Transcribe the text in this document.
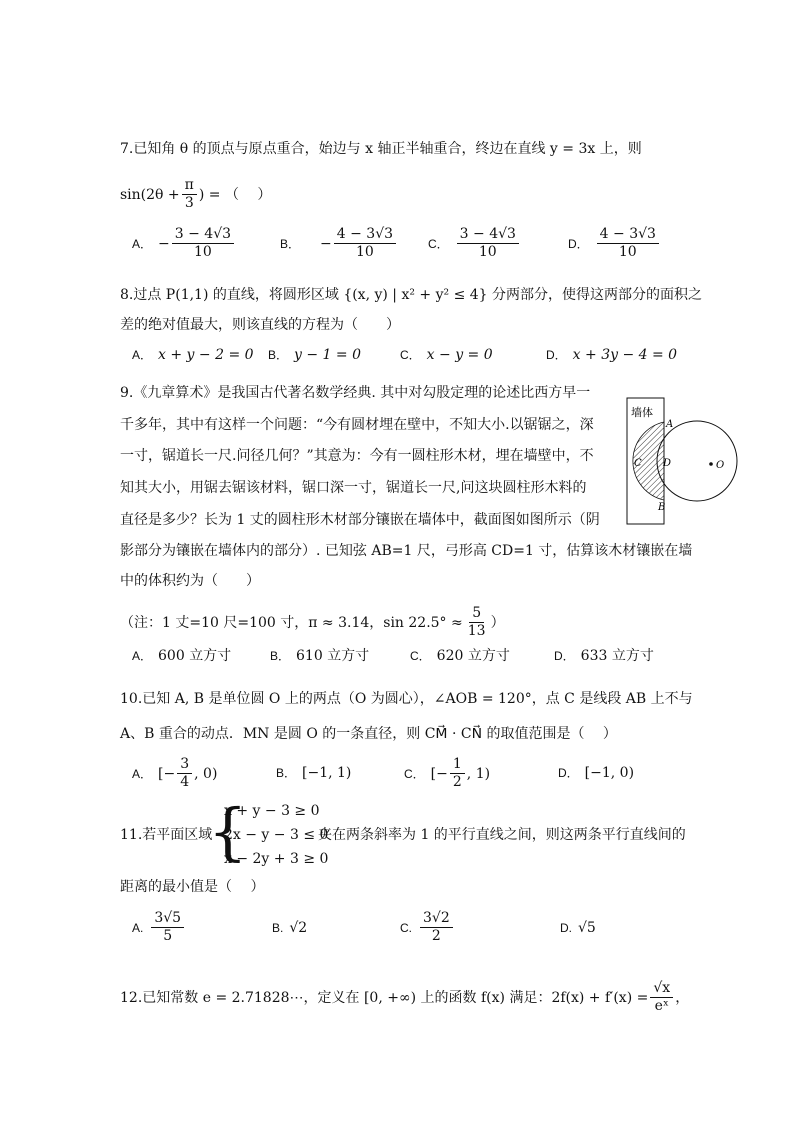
7.已知角 θ 的顶点与原点重合，始边与 x 轴正半轴重合，终边在直线 y = 3x 上，则
$\sin(2\theta + \frac{\pi}{3}$ ) = （　 ）
A． − $\frac{3 - 4√3}{10}$	B． − $\frac{4 - 3√3}{10}$	C． $\frac{3 - 4√3}{10}$	D． $\frac{4 - 3√3}{10}$
8.过点 P(1,1) 的直线，将圆形区域 {(x, y) | x² + y² ≤ 4} 分两部分，使得这两部分的面积之
差的绝对值最大，则该直线的方程为（　　）
A． x + y − 2 = 0 B． y − 1 = 0	C． x − y = 0	D． x + 3y − 4 = 0
9.《九章算术》是我国古代著名数学经典. 其中对勾股定理的论述比西方早一
千多年，其中有这样一个问题：“今有圆材埋在壁中，不知大小.以锯锯之，深
一寸，锯道长一尺.问径几何？”其意为：今有一圆柱形木材，埋在墙壁中，不
知其大小，用锯去锯该材料，锯口深一寸，锯道长一尺,问这块圆柱形木料的
直径是多少？长为 1 丈的圆柱形木材部分镶嵌在墙体中，截面图如图所示（阴
影部分为镶嵌在墙体内的部分）. 已知弦 AB=1 尺，弓形高 CD=1 寸，估算该木材镶嵌在墙
中的体积约为（　　）
（注：1 丈=10 尺=100 寸，π ≈ 3.14，$\sin 22.5^\circ \approx \frac{5}{13}$ ）
A． 600 立方寸	B． 610 立方寸	C． 620 立方寸	D． 633 立方寸
墙体
A
C D	O
B
10.已知 A, B 是单位圆 O 上的两点（O 为圆心），∠AOB = 120°，点 C 是线段 AB 上不与
A、B 重合的动点．MN 是圆 O 的一条直径，则 CM⃗ · CN⃗ 的取值范围是（　 ）
A． [− $\frac{3}{4}$ , 0)	B． [−1, 1)	C． [− $\frac{1}{2}$ , 1)	D． [−1, 0)
11.若平面区域
{
x + y − 3 ≥ 0
2x − y − 3 ≤ 0
x − 2y + 3 ≥ 0
夹在两条斜率为 1 的平行直线之间，则这两条平行直线间的
距离的最小值是（　 ）
A. $\frac{3√5}{5}$	B. √2	C. $\frac{3√2}{2}$	D. √5
12.已知常数 e = 2.71828⋯，定义在 [0, +∞) 上的函数 f(x) 满足：$2f(x) + f'(x) = \frac{√x}{\text{eˣ}}$ ，
